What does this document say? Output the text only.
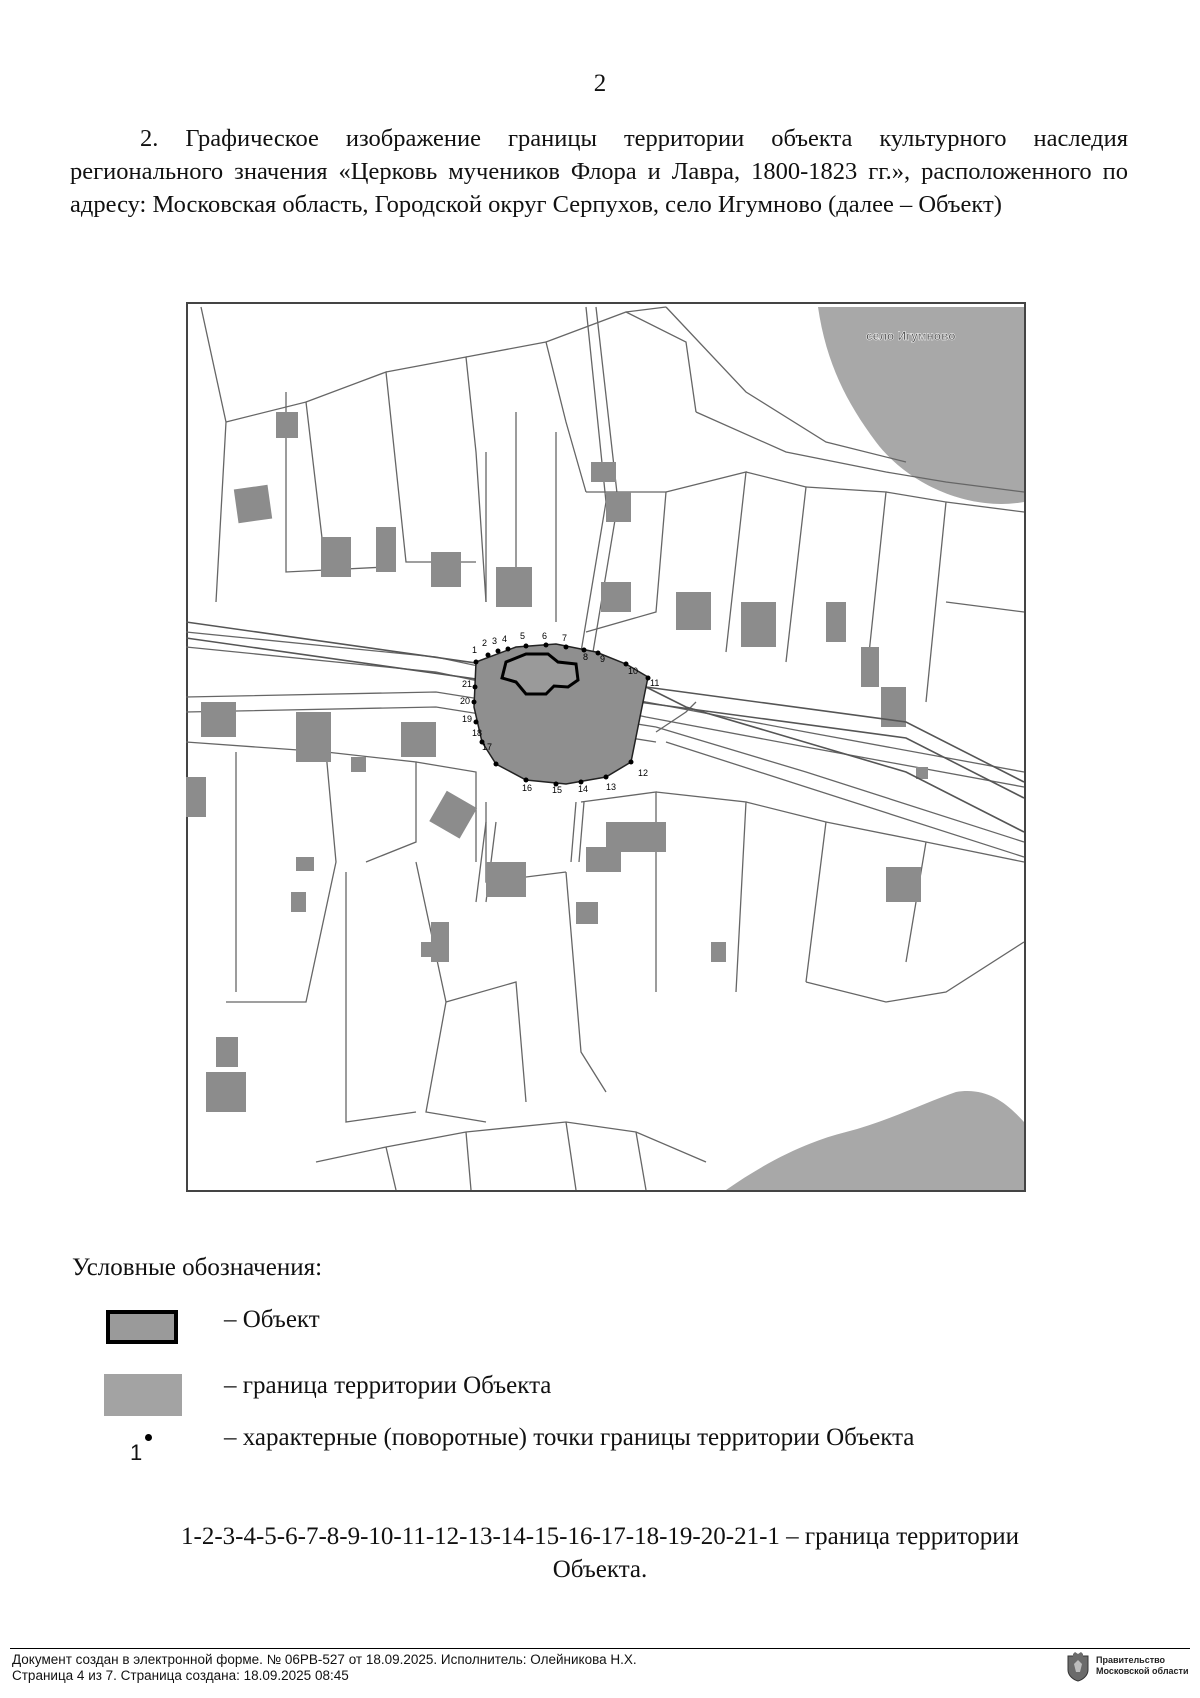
2

2. Графическое изображение границы территории объекта культурного наследия регионального значения «Церковь мучеников Флора и Лавра, 1800-1823 гг.», расположенного по адресу: Московская область, Городской округ Серпухов, село Игумново (далее – Объект)

1
2 3 4 5 6 7
8 9
10
11
12
13
14
15
16
17
18
19
20
21
село Игумново
Условные обозначения:
– Объект
– граница территории Объекта
1
– характерные (поворотные) точки границы территории Объекта
1-2-3-4-5-6-7-8-9-10-11-12-13-14-15-16-17-18-19-20-21-1 – граница территории
Объекта.
Документ создан в электронной форме. № 06РВ-527 от 18.09.2025. Исполнитель: Олейникова Н.Х.
Страница 4 из 7. Страница создана: 18.09.2025 08:45
Правительство
Московской области
